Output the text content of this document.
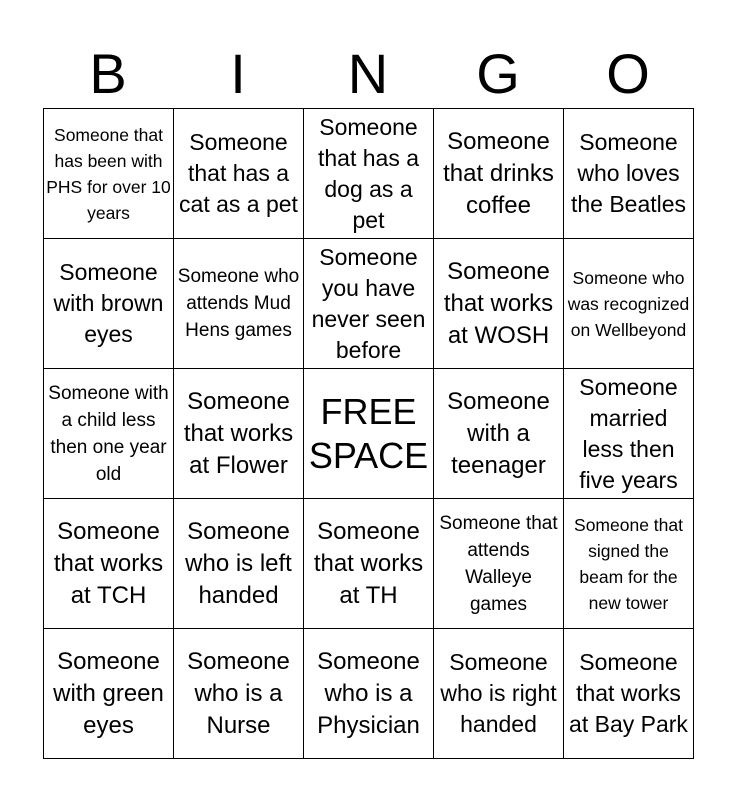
B	I	N	G	O
Someone that has been with PHS for over 10 years	Someone that has a cat as a pet	Someone that has a dog as a pet	Someone that drinks coffee	Someone who loves the Beatles
Someone with brown eyes	Someone who attends Mud Hens games	Someone you have never seen before	Someone that works at WOSH	Someone who was recognized on Wellbeyond
Someone with a child less then one year old	Someone that works at Flower	FREE SPACE	Someone with a teenager	Someone married less then five years
Someone that works at TCH	Someone who is left handed	Someone that works at TH	Someone that attends Walleye games	Someone that signed the beam for the new tower
Someone with green eyes	Someone who is a Nurse	Someone who is a Physician	Someone who is right handed	Someone that works at Bay Park
